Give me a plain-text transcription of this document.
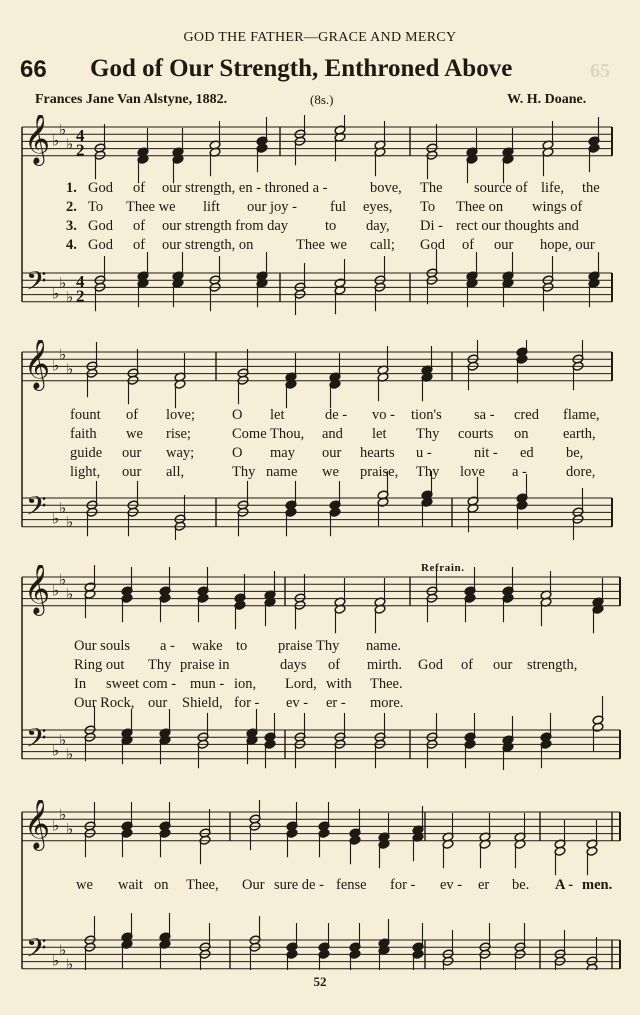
GOD THE FATHER—GRACE AND MERCY
66 God of Our Strength, Enthroned Above	65
Frances Jane Van Alstyne, 1882.	(8s.)	W. H. Doane.
𝄞
𝄢
♭
♭
♭
♭
♭
♭
4
2
4
2
1. God of our strength, en - throned a -	bove, The source of life, the
2. To Thee we lift our joy - ful eyes, To Thee on wings of
3. God of our strength from day	to day, Di - rect our thoughts and
4. God of our strength, on	Thee we call; God of our hope, our
𝄞
𝄢
♭
♭
♭
♭
♭
♭
fount of love;	O let	de - vo - tion's sa - cred flame,
faith we rise;	Come Thou, and let Thy courts on earth,
guide our way;	O may our hearts u -	nit - ed be,
light, our all,	Thy name we praise, Thy love a -	dore,
Refrain.
𝄞
𝄢
♭
♭
♭
♭
♭
♭
Our souls a - wake to praise Thy name.
Ring out Thy praise in	days of mirth. God of our strength,
In sweet com - mun - ion, Lord, with Thee.
Our Rock, our Shield, for - ev - er - more.
𝄞
𝄢
♭
♭
♭
♭
♭
♭
we wait on Thee, Our sure de - fense for - ev - er be. A - men.
52
